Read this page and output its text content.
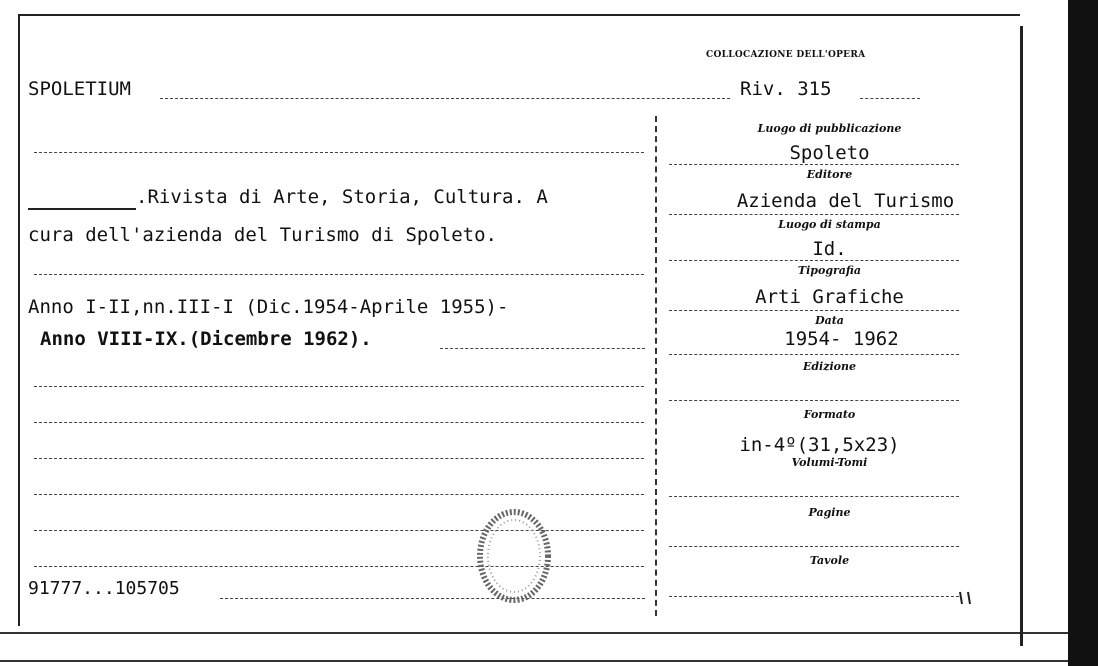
COLLOCAZIONE DELL'OPERA
SPOLETIUM	Riv. 315
.Rivista di Arte, Storia, Cultura. A
cura dell'azienda del Turismo di Spoleto.
Anno I-II,nn.III-I (Dic.1954-Aprile 1955)-
Anno VIII-IX.(Dicembre 1962).
91777...105705
Luogo di pubblicazione
Spoleto
Editore
Azienda del Turismo
Luogo di stampa
Id.
Tipografia
Arti Grafiche
Data
1954- 1962
Edizione
Formato
in-4º(31,5x23)
Volumi-Tomi
Pagine
Tavole
